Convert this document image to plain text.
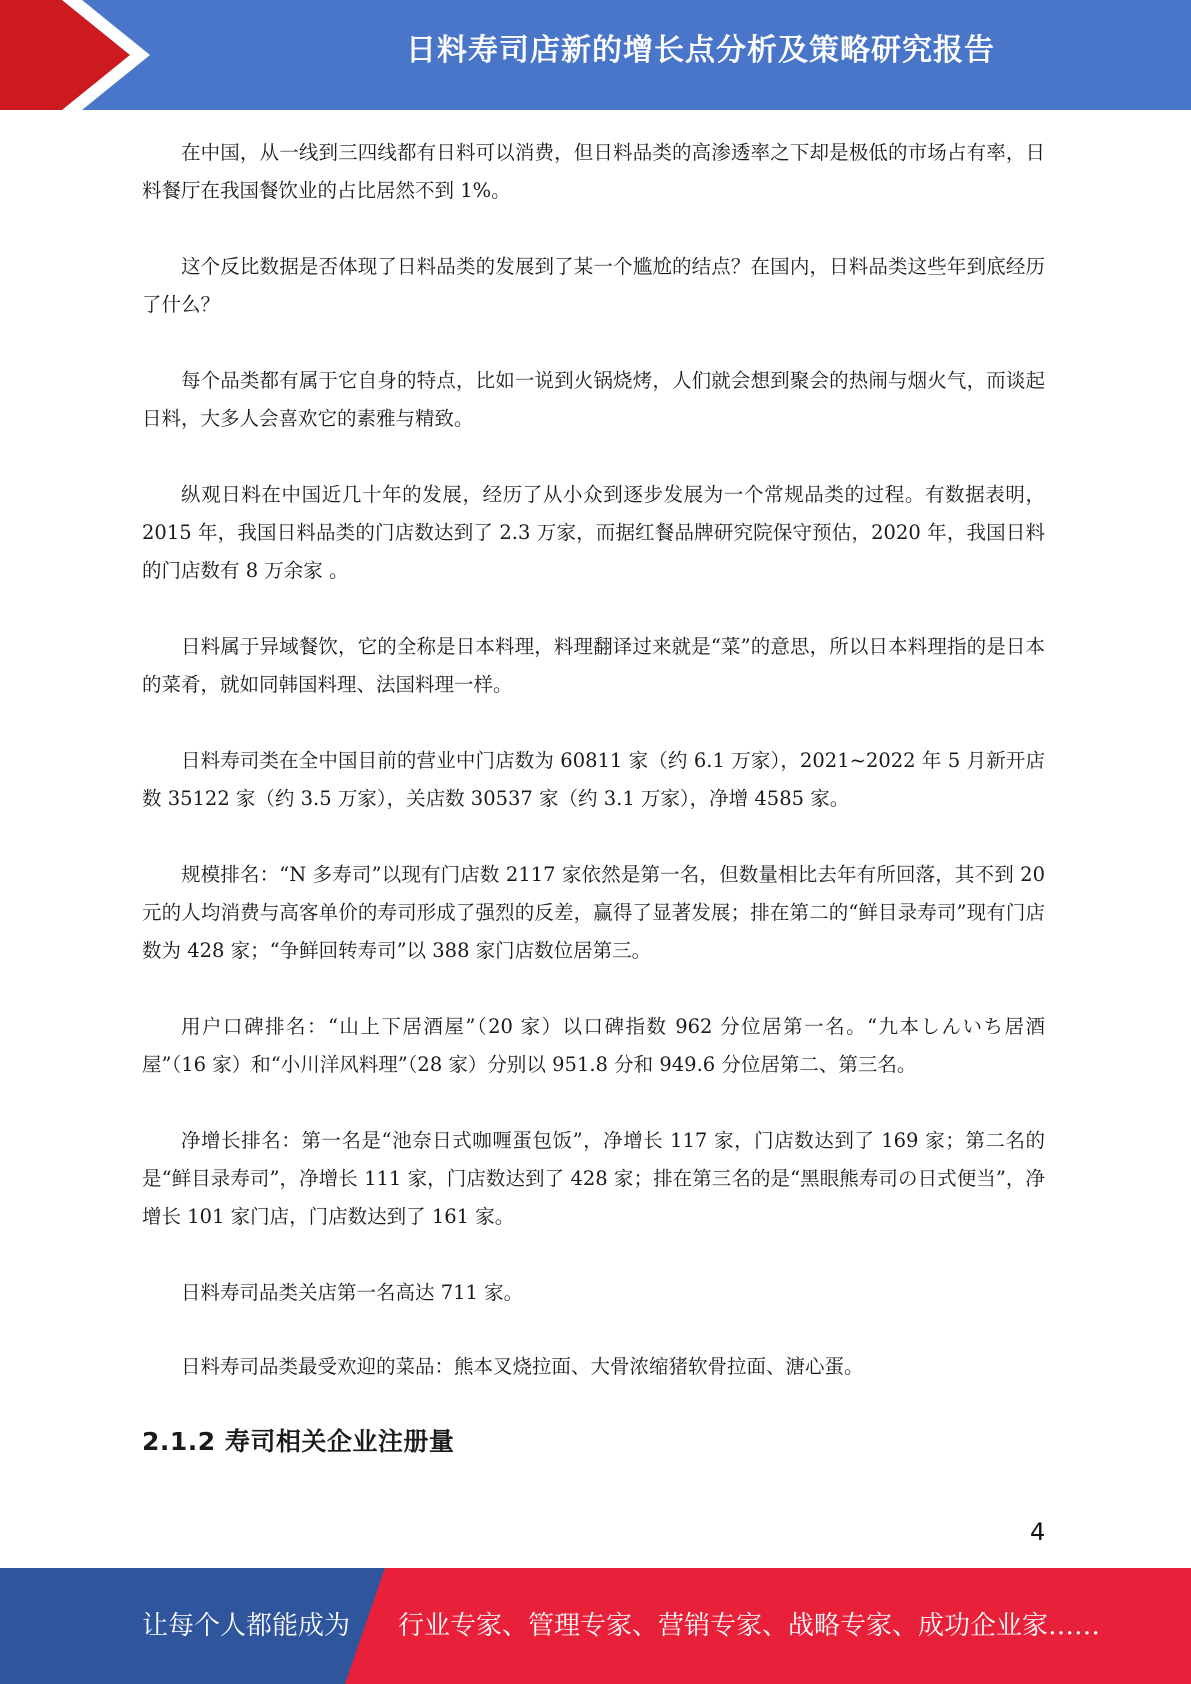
日料寿司店新的增长点分析及策略研究报告

在中国，从一线到三四线都有日料可以消费，但日料品类的高渗透率之下却是极低的市场占有率，日料餐厅在我国餐饮业的占比居然不到 1%。

这个反比数据是否体现了日料品类的发展到了某一个尴尬的结点？在国内，日料品类这些年到底经历了什么？

每个品类都有属于它自身的特点，比如一说到火锅烧烤，人们就会想到聚会的热闹与烟火气，而谈起日料，大多人会喜欢它的素雅与精致。

纵观日料在中国近几十年的发展，经历了从小众到逐步发展为一个常规品类的过程。有数据表明，2015 年，我国日料品类的门店数达到了 2.3 万家，而据红餐品牌研究院保守预估，2020 年，我国日料的门店数有 8 万余家 。

日料属于异域餐饮，它的全称是日本料理，料理翻译过来就是“菜”的意思，所以日本料理指的是日本的菜肴，就如同韩国料理、法国料理一样。

日料寿司类在全中国目前的营业中门店数为 60811 家（约 6.1 万家），2021~2022 年 5 月新开店数 35122 家（约 3.5 万家），关店数 30537 家（约 3.1 万家），净增 4585 家。

规模排名：“N 多寿司”以现有门店数 2117 家依然是第一名，但数量相比去年有所回落，其不到 20 元的人均消费与高客单价的寿司形成了强烈的反差，赢得了显著发展；排在第二的“鲜目录寿司”现有门店数为 428 家；“争鲜回转寿司”以 388 家门店数位居第三。

用户口碑排名：“山上下居酒屋”（20 家）以口碑指数 962 分位居第一名。“九本しんいち居酒屋”（16 家）和“小川洋风料理”（28 家）分别以 951.8 分和 949.6 分位居第二、第三名。

净增长排名：第一名是“池奈日式咖喱蛋包饭”，净增长 117 家，门店数达到了 169 家；第二名的是“鲜目录寿司”，净增长 111 家，门店数达到了 428 家；排在第三名的是“黑眼熊寿司の日式便当”，净增长 101 家门店，门店数达到了 161 家。

日料寿司品类关店第一名高达 711 家。

日料寿司品类最受欢迎的菜品：熊本叉烧拉面、大骨浓缩猪软骨拉面、溏心蛋。

2.1.2 寿司相关企业注册量
4
让每个人都能成为 行业专家、管理专家、营销专家、战略专家、成功企业家……
